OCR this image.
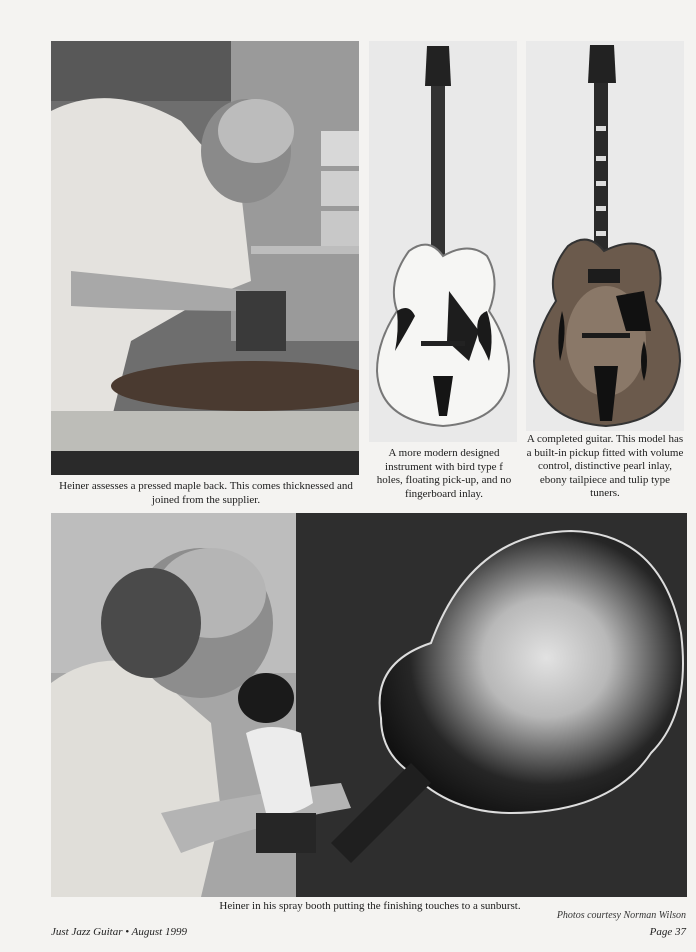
Heiner assesses a pressed maple back. This comes thicknessed and joined from the supplier.
A more modern designed instrument with bird type f holes, floating pick-up, and no fingerboard inlay.
A completed guitar. This model has a built-in pickup fitted with volume control, distinctive pearl inlay, ebony tailpiece and tulip type tuners.
Heiner in his spray booth putting the finishing touches to a sunburst.
Photos courtesy Norman Wilson
Just Jazz Guitar • August 1999	Page 37
